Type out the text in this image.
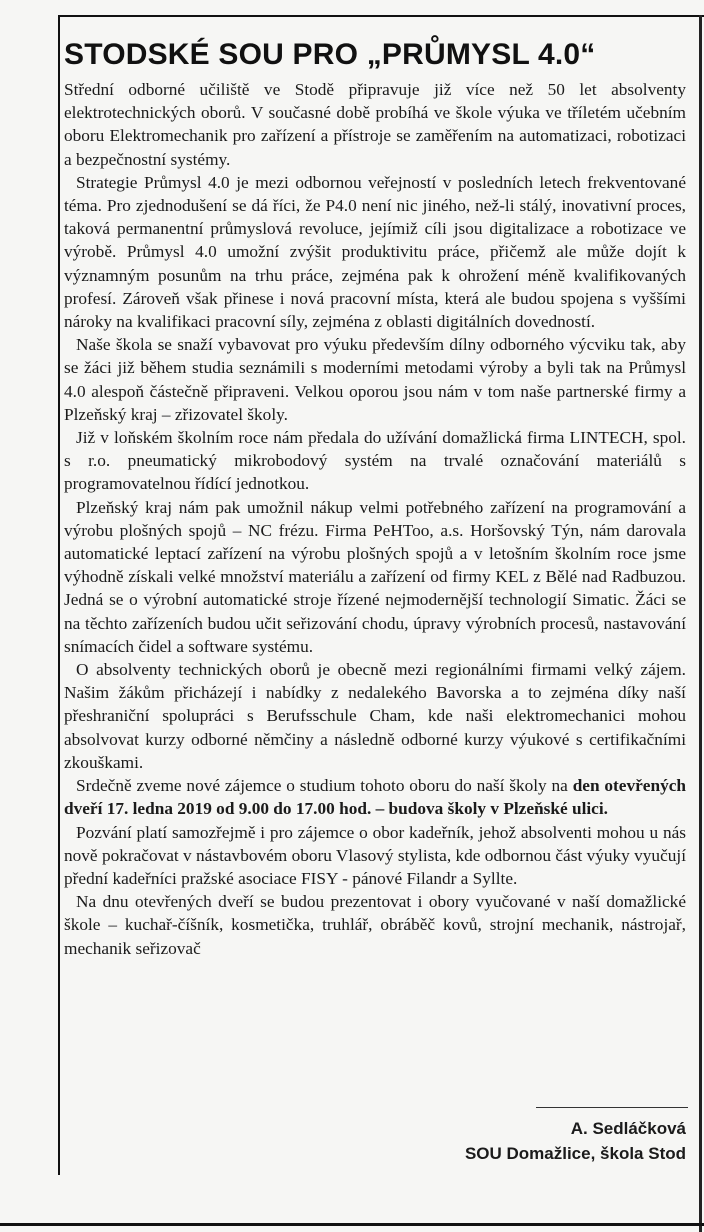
STODSKÉ SOU PRO „PRŮMYSL 4.0“

Střední odborné učiliště ve Stodě připravuje již více než 50 let absolventy elektrotechnických oborů. V současné době probíhá ve škole výuka ve tříletém učebním oboru Elektromechanik pro zařízení a přístroje se zaměřením na automatizaci, robotizaci a bezpečnostní systémy.

Strategie Průmysl 4.0 je mezi odbornou veřejností v posledních letech frekventované téma. Pro zjednodušení se dá říci, že P4.0 není nic jiného, než-li stálý, inovativní proces, taková permanentní průmyslová revoluce, jejímiž cíli jsou digitalizace a robotizace ve výrobě. Průmysl 4.0 umožní zvýšit produktivitu práce, přičemž ale může dojít k významným posunům na trhu práce, zejména pak k ohrožení méně kvalifikovaných profesí. Zároveň však přinese i nová pracovní místa, která ale budou spojena s vyššími nároky na kvalifikaci pracovní síly, zejména z oblasti digitálních dovedností.

Naše škola se snaží vybavovat pro výuku především dílny odborného výcviku tak, aby se žáci již během studia seznámili s moderními metodami výroby a byli tak na Průmysl 4.0 alespoň částečně připraveni. Velkou oporou jsou nám v tom naše partnerské firmy a Plzeňský kraj – zřizovatel školy.

Již v loňském školním roce nám předala do užívání domažlická firma LINTECH, spol. s r.o. pneumatický mikrobodový systém na trvalé označování materiálů s programovatelnou řídící jednotkou.

Plzeňský kraj nám pak umožnil nákup velmi potřebného zařízení na programování a výrobu plošných spojů – NC frézu. Firma PeHToo, a.s. Horšovský Týn, nám darovala automatické leptací zařízení na výrobu plošných spojů a v letošním školním roce jsme výhodně získali velké množství materiálu a zařízení od firmy KEL z Bělé nad Radbuzou. Jedná se o výrobní automatické stroje řízené nejmodernější technologií Simatic. Žáci se na těchto zařízeních budou učit seřizování chodu, úpravy výrobních procesů, nastavování snímacích čidel a software systému.

O absolventy technických oborů je obecně mezi regionálními firmami velký zájem. Našim žákům přicházejí i nabídky z nedalekého Bavorska a to zejména díky naší přeshraniční spolupráci s Berufsschule Cham, kde naši elektromechanici mohou absolvovat kurzy odborné němčiny a následně odborné kurzy výukové s certifikačními zkouškami.

Srdečně zveme nové zájemce o studium tohoto oboru do naší školy na den otevřených dveří 17. ledna 2019 od 9.00 do 17.00 hod. – budova školy v Plzeňské ulici.

Pozvání platí samozřejmě i pro zájemce o obor kadeřník, jehož absolventi mohou u nás nově pokračovat v nástavbovém oboru Vlasový stylista, kde odbornou část výuky vyučují přední kadeřníci pražské asociace FISY - pánové Filandr a Syllte.

Na dnu otevřených dveří se budou prezentovat i obory vyučované v naší domažlické škole – kuchař-číšník, kosmetička, truhlář, obráběč kovů, strojní mechanik, nástrojař, mechanik seřizovač

A. Sedláčková
SOU Domažlice, škola Stod
